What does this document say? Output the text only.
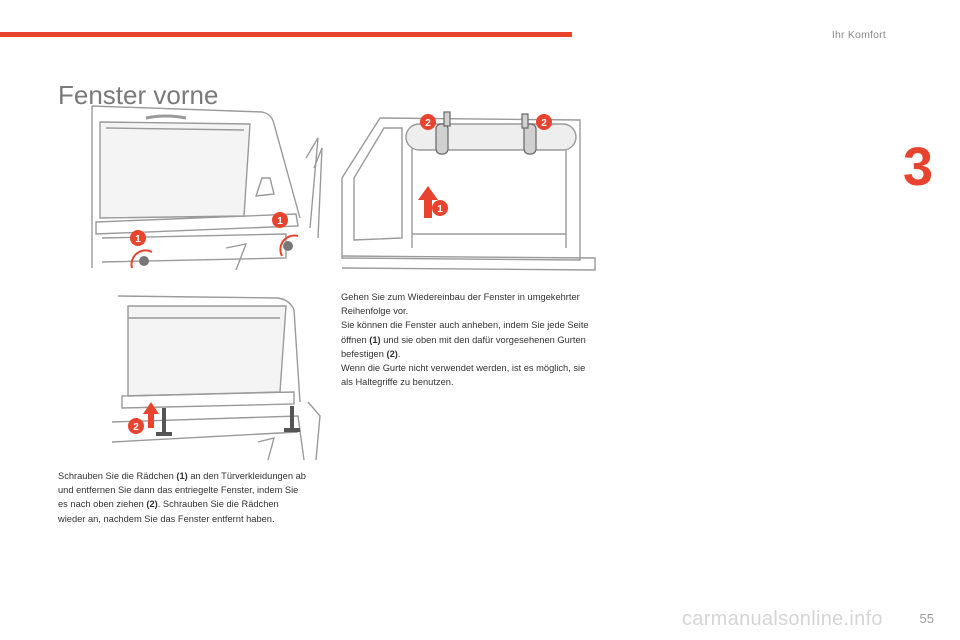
Ihr Komfort
3
Fenster vorne
1
1
1
2	2
2

Gehen Sie zum Wiedereinbau der Fenster in umgekehrter Reihenfolge vor.

Sie können die Fenster auch anheben, indem Sie jede Seite öffnen (1) und sie oben mit den dafür vorgesehenen Gurten befestigen (2).

Wenn die Gurte nicht verwendet werden, ist es möglich, sie als Haltegriffe zu benutzen.

Schrauben Sie die Rädchen (1) an den Türverkleidungen ab und entfernen Sie dann das entriegelte Fenster, indem Sie es nach oben ziehen (2). Schrauben Sie die Rädchen wieder an, nachdem Sie das Fenster entfernt haben.

carmanualsonline.info	55
